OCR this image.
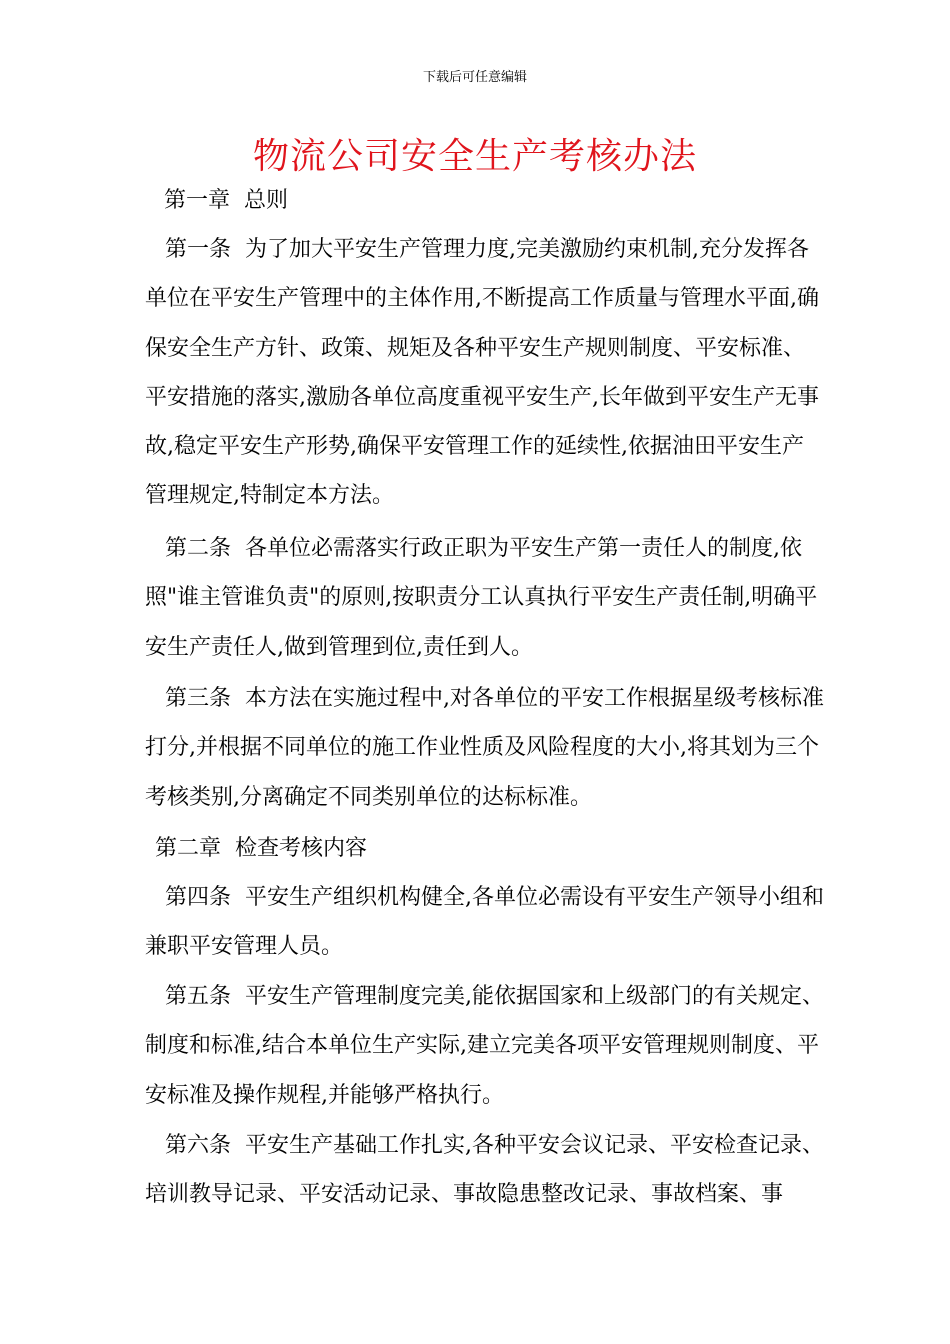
下载后可任意编辑
物流公司安全生产考核办法
第一章  总则

第一条  为了加大平安生产管理力度,完美激励约束机制,充分发挥各单位在平安生产管理中的主体作用,不断提高工作质量与管理水平面,确保安全生产方针、政策、规矩及各种平安生产规则制度、平安标准、平安措施的落实,激励各单位高度重视平安生产,长年做到平安生产无事故,稳定平安生产形势,确保平安管理工作的延续性,依据油田平安生产管理规定,特制定本方法。

第二条  各单位必需落实行政正职为平安生产第一责任人的制度,依照"谁主管谁负责"的原则,按职责分工认真执行平安生产责任制,明确平安生产责任人,做到管理到位,责任到人。

第三条  本方法在实施过程中,对各单位的平安工作根据星级考核标准打分,并根据不同单位的施工作业性质及风险程度的大小,将其划为三个考核类别,分离确定不同类别单位的达标标准。

第二章  检查考核内容

第四条  平安生产组织机构健全,各单位必需设有平安生产领导小组和兼职平安管理人员。

第五条  平安生产管理制度完美,能依据国家和上级部门的有关规定、制度和标准,结合本单位生产实际,建立完美各项平安管理规则制度、平安标准及操作规程,并能够严格执行。

第六条  平安生产基础工作扎实,各种平安会议记录、平安检查记录、培训教导记录、平安活动记录、事故隐患整改记录、事故档案、事
